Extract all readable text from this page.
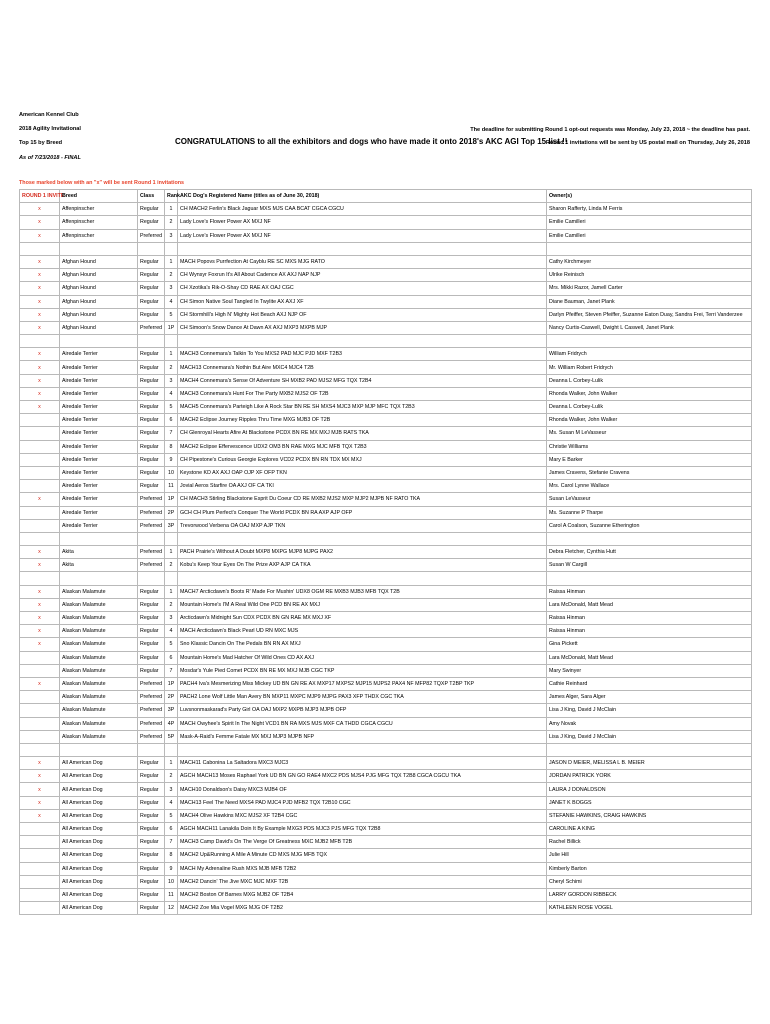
American Kennel Club
2018 Agility Invitational
Top 15 by Breed
As of 7/23/2018 - FINAL
CONGRATULATIONS to all the exhibitors and dogs who have made it onto 2018's AKC AGI Top 15 list !!
The deadline for submitting Round 1 opt-out requests was Monday, July 23, 2018 ~ the deadline has past.
Round 1 invitations will be sent by US postal mail on Thursday, July 26, 2018
Those marked below with an "x" will be sent Round 1 invitations
ROUND 1 INVITE	Breed	Class	Rank	AKC Dog's Registered Name (titles as of June 30, 2018)	Owner(s)
x	Affenpinscher	Regular	1	CH MACH2 Ferlin's Black Jaguar MXS MJS CAA BCAT CGCA CGCU	Sharon Rafferty, Linda M Ferris
x	Affenpinscher	Regular	2	Lady Love's Flower Power AX MXJ NF	Emilie Camilleri
x	Affenpinscher	Preferred	3	Lady Love's Flower Power AX MXJ NF	Emilie Camilleri

x	Afghan Hound	Regular	1	MACH Popovs Purrfection At Cayblu RE SC MXS MJG RATO	Cathy Kirchmeyer
x	Afghan Hound	Regular	2	CH Wynsyr Foxrun It's All About Cadence AX AXJ NAP NJP	Ulrike Reinisch
x	Afghan Hound	Regular	3	CH Xzotika's Rik-O-Shay CD RAE AX OAJ CGC	Mrs. Mikki Razor, Jamell Carter
x	Afghan Hound	Regular	4	CH Simon Native Soul Tangled In Twylite AX AXJ XF	Diane Bauman, Janet Plank
x	Afghan Hound	Regular	5	CH Stormhill's High N' Mighty Hot Beach AXJ NJP OF	Darlyn Pfeiffer, Steven Pfeiffer, Suzanne Eaton Duay, Sandra Frei, Terri Vanderzee
x	Afghan Hound	Preferred	1P	CH Simoon's Snow Dance At Dawn AX AXJ MXP3 MXPB MJP	Nancy Curtis-Caswell, Dwight L Caswell, Janet Plank

x	Airedale Terrier	Regular	1	MACH3 Connemara's Talkin To You MXS2 PAD MJC PJD MXF T2B3	William Fridrych
x	Airedale Terrier	Regular	2	MACH13 Connemara's Nothin But Aire MXC4 MJC4 T2B	Mr. William Robert Fridrych
x	Airedale Terrier	Regular	3	MACH4 Connemara's Sense Of Adventure SH MXB2 PAD MJS2 MFG TQX T2B4	Deanna L Corbey-Lulik
x	Airedale Terrier	Regular	4	MACH3 Connemara's Hunt For The Party MXB2 MJS2 OF T2B	Rhonda Walker, John Walker
x	Airedale Terrier	Regular	5	MACH5 Connemara's Parteigh Like A Rock Star BN RE SH MXS4 MJC3 MXP MJP MFC TQX T2B3	Deanna L Corbey-Lulik
	Airedale Terrier	Regular	6	MACH2 Eclipse Journey Ripples Thru Time MXG MJB3 OF T2B	Rhonda Walker, John Walker
	Airedale Terrier	Regular	7	CH Glenroyal Hearts Afire At Blackstone PCDX BN RE MX MXJ MJB RATS TKA	Ms. Susan M LeVasseur
	Airedale Terrier	Regular	8	MACH2 Eclipse Effervescence UDX2 OM3 BN RAE MXG MJC MFB TQX T2B3	Christie Williams
	Airedale Terrier	Regular	9	CH Pipestone's Curious Georgie Explores VCD2 PCDX BN RN TDX MX MXJ	Mary E Barker
	Airedale Terrier	Regular	10	Keystone KD AX AXJ OAP OJP XF OFP TKN	James Cravens, Stefanie Cravens
	Airedale Terrier	Regular	11	Jovial Aeros Starfire OA AXJ OF CA TKI	Mrs. Carol Lynne Wallace
x	Airedale Terrier	Preferred	1P	CH MACH3 Stirling Blackstone Esprit Du Coeur CD RE MXB2 MJS2 MXP MJP2 MJPB NF RATO TKA	Susan LeVasseur
	Airedale Terrier	Preferred	2P	GCH CH Plum Perfect's Conquer The World PCDX BN RA AXP AJP OFP	Ms. Suzanne P Tharpe
	Airedale Terrier	Preferred	3P	Trevorwood Verbena OA OAJ MXP AJP TKN	Carol A Coalson, Suzanne Etherington

x	Akita	Preferred	1	PACH Prairie's Without A Doubt MXP8 MXPG MJP8 MJPG PAX2	Debra Fletcher, Cynthia Hutt
x	Akita	Preferred	2	Kobu's Keep Your Eyes On The Prize AXP AJP CA TKA	Susan W Cargill

x	Alaskan Malamute	Regular	1	MACH7 Arcticdawn's Boots R' Made For Mushin' UDX8 OGM RE MXB3 MJB3 MFB TQX T2B	Raissa Hinman
x	Alaskan Malamute	Regular	2	Mountain Home's I'M A Real Wild One PCD BN RE AX MXJ	Lara McDonald, Matt Mead
x	Alaskan Malamute	Regular	3	Arcticdawn's Midnight Sun CDX PCDX BN GN RAE MX MXJ XF	Raissa Hinman
x	Alaskan Malamute	Regular	4	MACH Arcticdawn's Black Pearl UD RN MXC MJS	Raissa Hinman
x	Alaskan Malamute	Regular	5	Sno Klassic Dancin On The Pedals BN RN AX MXJ	Gina Pickett
	Alaskan Malamute	Regular	6	Mountain Home's Mad Hatcher Of Wild Ones CD AX AXJ	Lara McDonald, Matt Mead
	Alaskan Malamute	Regular	7	Mosdar's Yule Pied Comet PCDX BN RE MX MXJ MJB CGC TKP	Mary Swinyer
x	Alaskan Malamute	Preferred	1P	PACH4 Iva's Mesmerizing Miss Mickey UD BN GN RE AX MXP17 MXPS2 MJP15 MJPS2 PAX4 NF MFP82 TQXP T2BP TKP	Cathie Reinhard
	Alaskan Malamute	Preferred	2P	PACH2 Lone Wolf Little Man Avery BN MXP11 MXPC MJP9 MJPG PAX3 XFP THDX CGC TKA	James Alger, Sara Alger
	Alaskan Malamute	Preferred	3P	Luvsnonmaskarad's Party Girl OA OAJ MXP2 MXPB MJP3 MJPB OFP	Lisa J King, David J McClain
	Alaskan Malamute	Preferred	4P	MACH Owyhee's Spirit In The Night VCD1 BN RA MXS MJS MXF CA THDD CGCA CGCU	Amy Novak
	Alaskan Malamute	Preferred	5P	Mask-A-Raid's Femme Fatale MX MXJ MJP3 MJPB NFP	Lisa J King, David J McClain

x	All American Dog	Regular	1	MACH11 Cabonina La Saltadora MXC3 MJC3	JASON D MEIER, MELISSA L B. MEIER
x	All American Dog	Regular	2	AGCH MACH13 Moses Raphael York UD BN GN GO RAE4 MXC2 PDS MJS4 PJG MFG TQX T2B8 CGCA CGCU TKA	JORDAN PATRICK YORK
x	All American Dog	Regular	3	MACH10 Donaldson's Daisy MXC3 MJB4 OF	LAURA J DONALDSON
x	All American Dog	Regular	4	MACH13 Feel The Need MXS4 PAD MJC4 PJD MFB2 TQX T2B10 CGC	JANET K BOGGS
x	All American Dog	Regular	5	MACH4 Olive Hawkins MXC MJS2 XF T2B4 CGC	STEFANIE HAWKINS, CRAIG HAWKINS
	All American Dog	Regular	6	AGCH MACH11 Lanakila Doin It By Example MXG3 PDS MJC3 PJS MFG TQX T2B8	CAROLINE A KING
	All American Dog	Regular	7	MACH3 Camp David's On The Verge Of Greatness MXC MJB2 MFB T2B	Rachel Billick
	All American Dog	Regular	8	MACH2 Up&Running A Mile A Minute CD MXS MJG MFB TQX	Julie Hill
	All American Dog	Regular	9	MACH My Adrenaline Rush MXS MJB MFB T2B2	Kimberly Barton
	All American Dog	Regular	10	MACH2 Dancin' The Jive MXC MJC MXF T2B	Cheryl Schimi
	All American Dog	Regular	11	MACH2 Boston Of Barnes MXG MJB2 OF T2B4	LARRY GORDON RIBBECK
	All American Dog	Regular	12	MACH2 Zoe Mia Vogel MXG MJG OF T2B2	KATHLEEN ROSE VOGEL
